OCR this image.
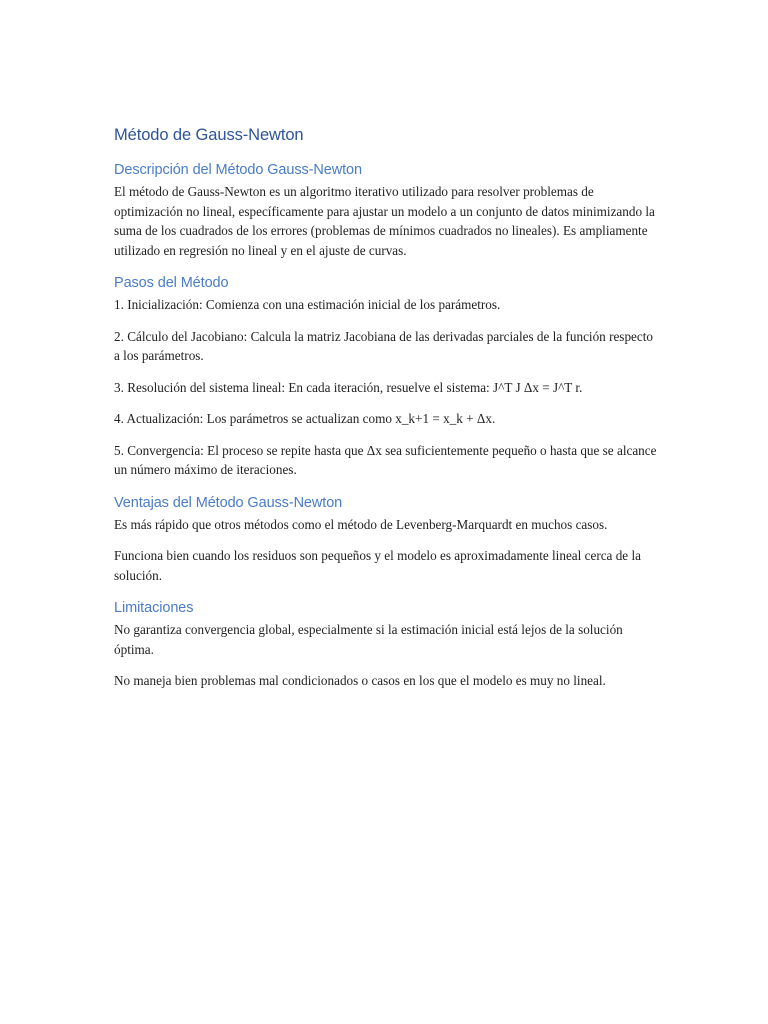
Método de Gauss-Newton
Descripción del Método Gauss-Newton

El método de Gauss-Newton es un algoritmo iterativo utilizado para resolver problemas de optimización no lineal, específicamente para ajustar un modelo a un conjunto de datos minimizando la suma de los cuadrados de los errores (problemas de mínimos cuadrados no lineales). Es ampliamente utilizado en regresión no lineal y en el ajuste de curvas.

Pasos del Método

1. Inicialización: Comienza con una estimación inicial de los parámetros.

2. Cálculo del Jacobiano: Calcula la matriz Jacobiana de las derivadas parciales de la función respecto a los parámetros.

3. Resolución del sistema lineal: En cada iteración, resuelve el sistema: J^T J Δx = J^T r.

4. Actualización: Los parámetros se actualizan como x_k+1 = x_k + Δx.

5. Convergencia: El proceso se repite hasta que Δx sea suficientemente pequeño o hasta que se alcance un número máximo de iteraciones.

Ventajas del Método Gauss-Newton

Es más rápido que otros métodos como el método de Levenberg-Marquardt en muchos casos.

Funciona bien cuando los residuos son pequeños y el modelo es aproximadamente lineal cerca de la solución.

Limitaciones

No garantiza convergencia global, especialmente si la estimación inicial está lejos de la solución óptima.

No maneja bien problemas mal condicionados o casos en los que el modelo es muy no lineal.
